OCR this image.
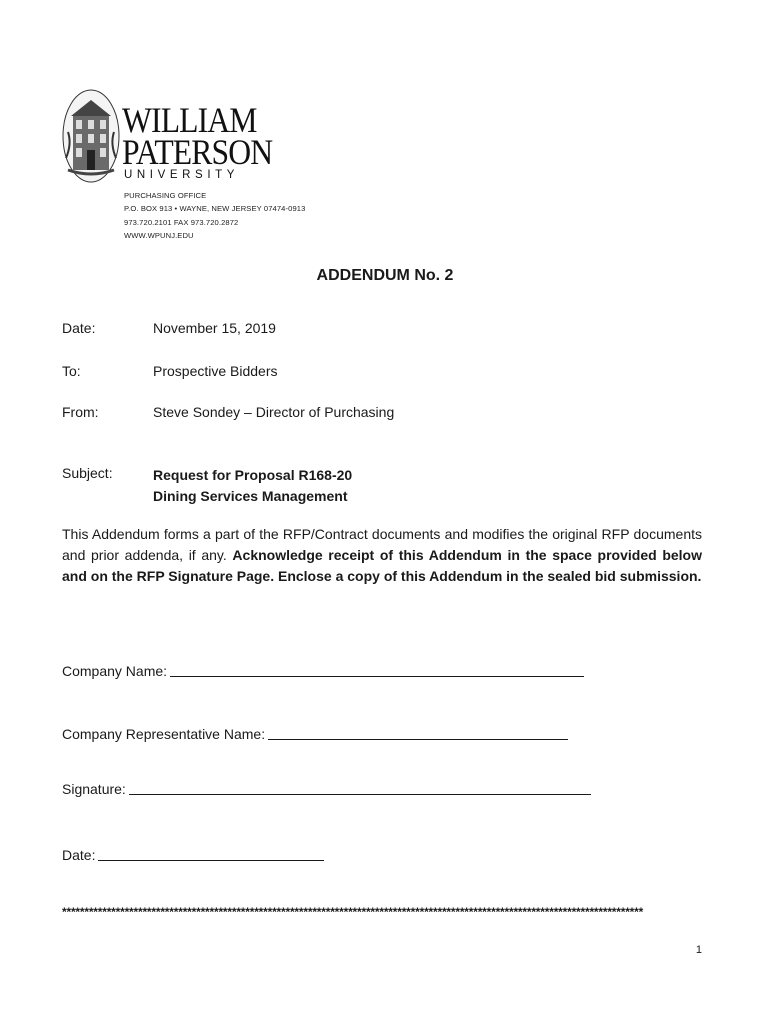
WILLIAM
PATERSON
UNIVERSITY
PURCHASING OFFICE
P.O. BOX 913 • WAYNE, NEW JERSEY 07474-0913
973.720.2101 FAX 973.720.2872
WWW.WPUNJ.EDU
ADDENDUM No. 2
Date:	November 15, 2019
To:	Prospective Bidders
From:	Steve Sondey – Director of Purchasing
Subject:	Request for Proposal R168-20
Dining Services Management
This Addendum forms a part of the RFP/Contract documents and modifies the original RFP documents and prior addenda, if any. Acknowledge receipt of this Addendum in the space provided below and on the RFP Signature Page. Enclose a copy of this Addendum in the sealed bid submission.
Company Name:
Company Representative Name:
Signature:
Date:
**********************************************************************************************************************************
1
